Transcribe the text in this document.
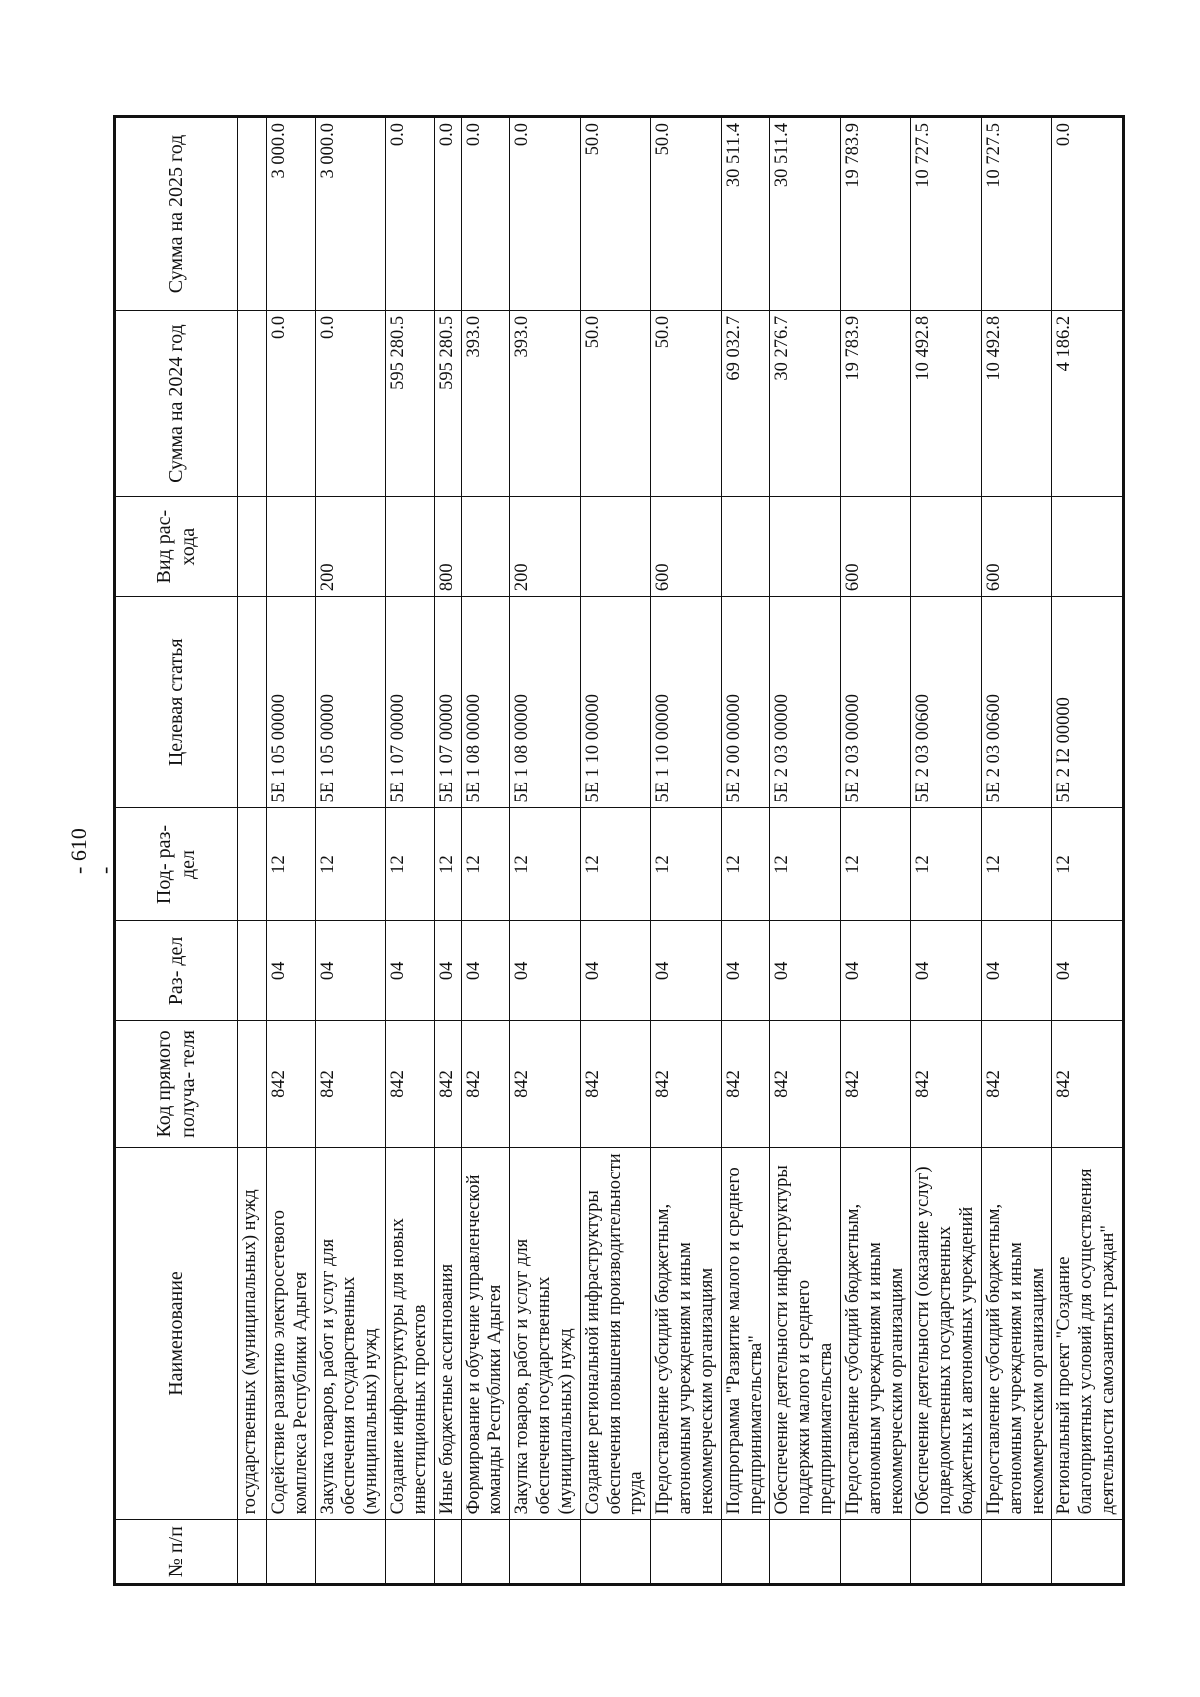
- 610 -
№ п/п	Наименование	Код прямого получа- теля	Раз- дел	Под- раз- дел	Целевая статья	Вид рас- хода	Сумма на 2024 год	Сумма на 2025 год
	государственных (муниципальных) нужд							
	Содействие развитию электросетевого комплекса Республики Адыгея	842	04	12	5Е 1 05 00000		0.0	3 000.0
	Закупка товаров, работ и услуг для обеспечения государственных (муниципальных) нужд	842	04	12	5Е 1 05 00000	200	0.0	3 000.0
	Создание инфраструктуры для новых инвестиционных проектов	842	04	12	5Е 1 07 00000		595 280.5	0.0
	Иные бюджетные ассигнования	842	04	12	5Е 1 07 00000	800	595 280.5	0.0
	Формирование и обучение управленческой команды Республики Адыгея	842	04	12	5Е 1 08 00000		393.0	0.0
	Закупка товаров, работ и услуг для обеспечения государственных (муниципальных) нужд	842	04	12	5Е 1 08 00000	200	393.0	0.0
	Создание региональной инфраструктуры обеспечения повышения производительности труда	842	04	12	5Е 1 10 00000		50.0	50.0
	Предоставление субсидий бюджетным, автономным учреждениям и иным некоммерческим организациям	842	04	12	5Е 1 10 00000	600	50.0	50.0
	Подпрограмма "Развитие малого и среднего предпринимательства"	842	04	12	5Е 2 00 00000		69 032.7	30 511.4
	Обеспечение деятельности инфраструктуры поддержки малого и среднего предпринимательства	842	04	12	5Е 2 03 00000		30 276.7	30 511.4
	Предоставление субсидий бюджетным, автономным учреждениям и иным некоммерческим организациям	842	04	12	5Е 2 03 00000	600	19 783.9	19 783.9
	Обеспечение деятельности (оказание услуг) подведомственных государственных бюджетных и автономных учреждений	842	04	12	5Е 2 03 00600		10 492.8	10 727.5
	Предоставление субсидий бюджетным, автономным учреждениям и иным некоммерческим организациям	842	04	12	5Е 2 03 00600	600	10 492.8	10 727.5
	Региональный проект "Создание благоприятных условий для осуществления деятельности самозанятых граждан"	842	04	12	5Е 2 I2 00000		4 186.2	0.0
